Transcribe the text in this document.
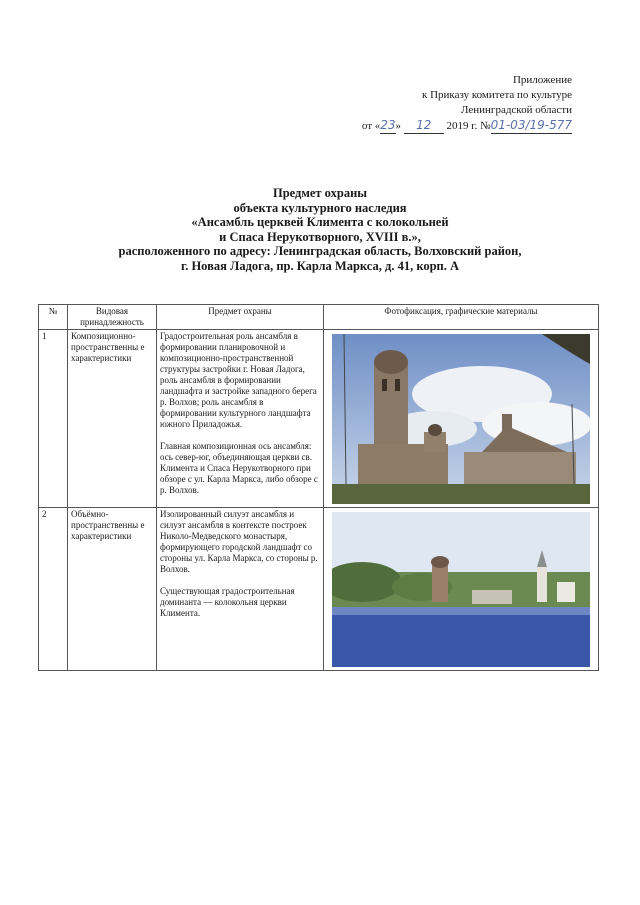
Приложение
к Приказу комитета по культуре
Ленинградской области
от «23» 12 2019 г. №01-03/19-577
Предмет охраны
объекта культурного наследия
«Ансамбль церквей Климента с колокольней
и Спаса Нерукотворного, XVIII в.»,
расположенного по адресу: Ленинградская область, Волховский район,
г. Новая Ладога, пр. Карла Маркса, д. 41, корп. А
№	Видовая принадлежность	Предмет охраны	Фотофиксация, графические материалы
1	Композиционно-пространственны е характеристики	Градостроительная роль ансамбля в формировании планировочной и композиционно-пространственной структуры застройки г. Новая Ладога, роль ансамбля в формировании ландшафта и застройке западного берега р. Волхов; роль ансамбля в формировании культурного ландшафта южного Приладожья.
Главная композиционная ось ансамбля: ось север-юг, объединяющая церкви св. Климента и Спаса Нерукотворного при обзоре с ул. Карла Маркса, либо обзоре с р. Волхов.

2	Объёмно-пространственны е характеристики	Изолированный силуэт ансамбля и силуэт ансамбля в контексте построек Николо-Медведского монастыря, формирующего городской ландшафт со стороны ул. Карла Маркса, со стороны р. Волхов.
Существующая градостроительная доминанта — колокольня церкви Климента.
